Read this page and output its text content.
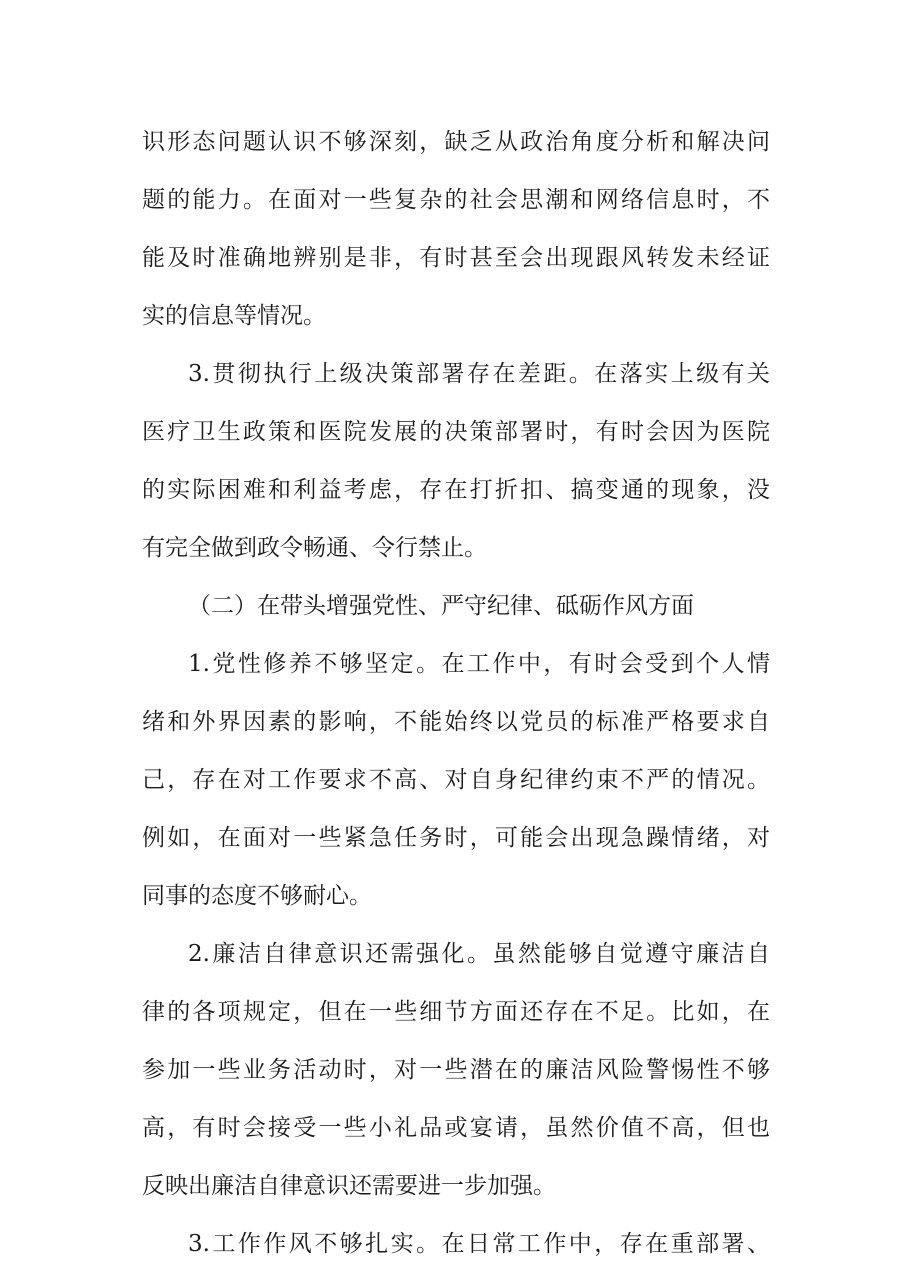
识形态问题认识不够深刻，缺乏从政治角度分析和解决问
题的能力。在面对一些复杂的社会思潮和网络信息时，不
能及时准确地辨别是非，有时甚至会出现跟风转发未经证
实的信息等情况。
3.贯彻执行上级决策部署存在差距。在落实上级有关
医疗卫生政策和医院发展的决策部署时，有时会因为医院
的实际困难和利益考虑，存在打折扣、搞变通的现象，没
有完全做到政令畅通、令行禁止。
（二）在带头增强党性、严守纪律、砥砺作风方面
1.党性修养不够坚定。在工作中，有时会受到个人情
绪和外界因素的影响，不能始终以党员的标准严格要求自
己，存在对工作要求不高、对自身纪律约束不严的情况。
例如，在面对一些紧急任务时，可能会出现急躁情绪，对
同事的态度不够耐心。
2.廉洁自律意识还需强化。虽然能够自觉遵守廉洁自
律的各项规定，但在一些细节方面还存在不足。比如，在
参加一些业务活动时，对一些潜在的廉洁风险警惕性不够
高，有时会接受一些小礼品或宴请，虽然价值不高，但也
反映出廉洁自律意识还需要进一步加强。
3.工作作风不够扎实。在日常工作中，存在重部署、
